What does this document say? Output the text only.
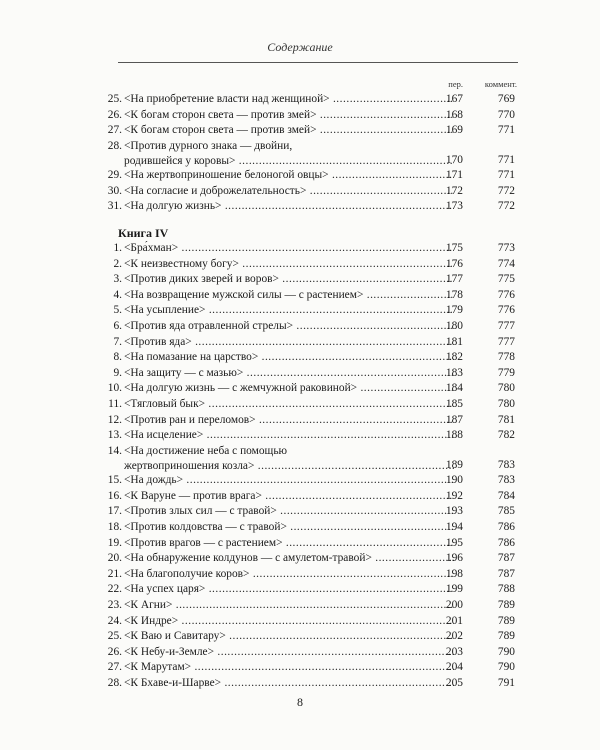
Содержание
пер.	коммент.
25. <На приобретение власти над женщиной> .....	167	769
26. <К богам сторон света — против змей> .....	168	770
27. <К богам сторон света — против змей> .....	169	771
28. <Против дурного знака — двойни,
родившейся у коровы> .....	170	771
29. <На жертвоприношение белоногой овцы> .....	171	771
30. <На согласие и доброжелательность> .....	172	772
31. <На долгую жизнь> .....	173	772
Книга IV
1. <Бра́хман> .....	175	773
2. <К неизвестному богу> .....	176	774
3. <Против диких зверей и воров> .....	177	775
4. <На возвращение мужской силы — с растением> .....	178	776
5. <На усыпление> .....	179	776
6. <Против яда отравленной стрелы> .....	180	777
7. <Против яда> .....	181	777
8. <На помазание на царство> .....	182	778
9. <На защиту — с мазью> .....	183	779
10. <На долгую жизнь — с жемчужной раковиной> .....	184	780
11. <Тягловый бык> .....	185	780
12. <Против ран и переломов> .....	187	781
13. <На исцеление> .....	188	782
14. <На достижение неба с помощью
жертвоприношения козла> .....	189	783
15. <На дождь> .....	190	783
16. <К Варуне — против врага> .....	192	784
17. <Против злых сил — с травой> .....	193	785
18. <Против колдовства — с травой> .....	194	786
19. <Против врагов — с растением> .....	195	786
20. <На обнаружение колдунов — с амулетом-травой> .....	196	787
21. <На благополучие коров> .....	198	787
22. <На успех царя> .....	199	788
23. <К Агни> .....	200	789
24. <К Индре> .....	201	789
25. <К Ваю и Савитару> .....	202	789
26. <К Небу-и-Земле> .....	203	790
27. <К Марутам> .....	204	790
28. <К Бхаве-и-Шарве> .....	205	791
8
